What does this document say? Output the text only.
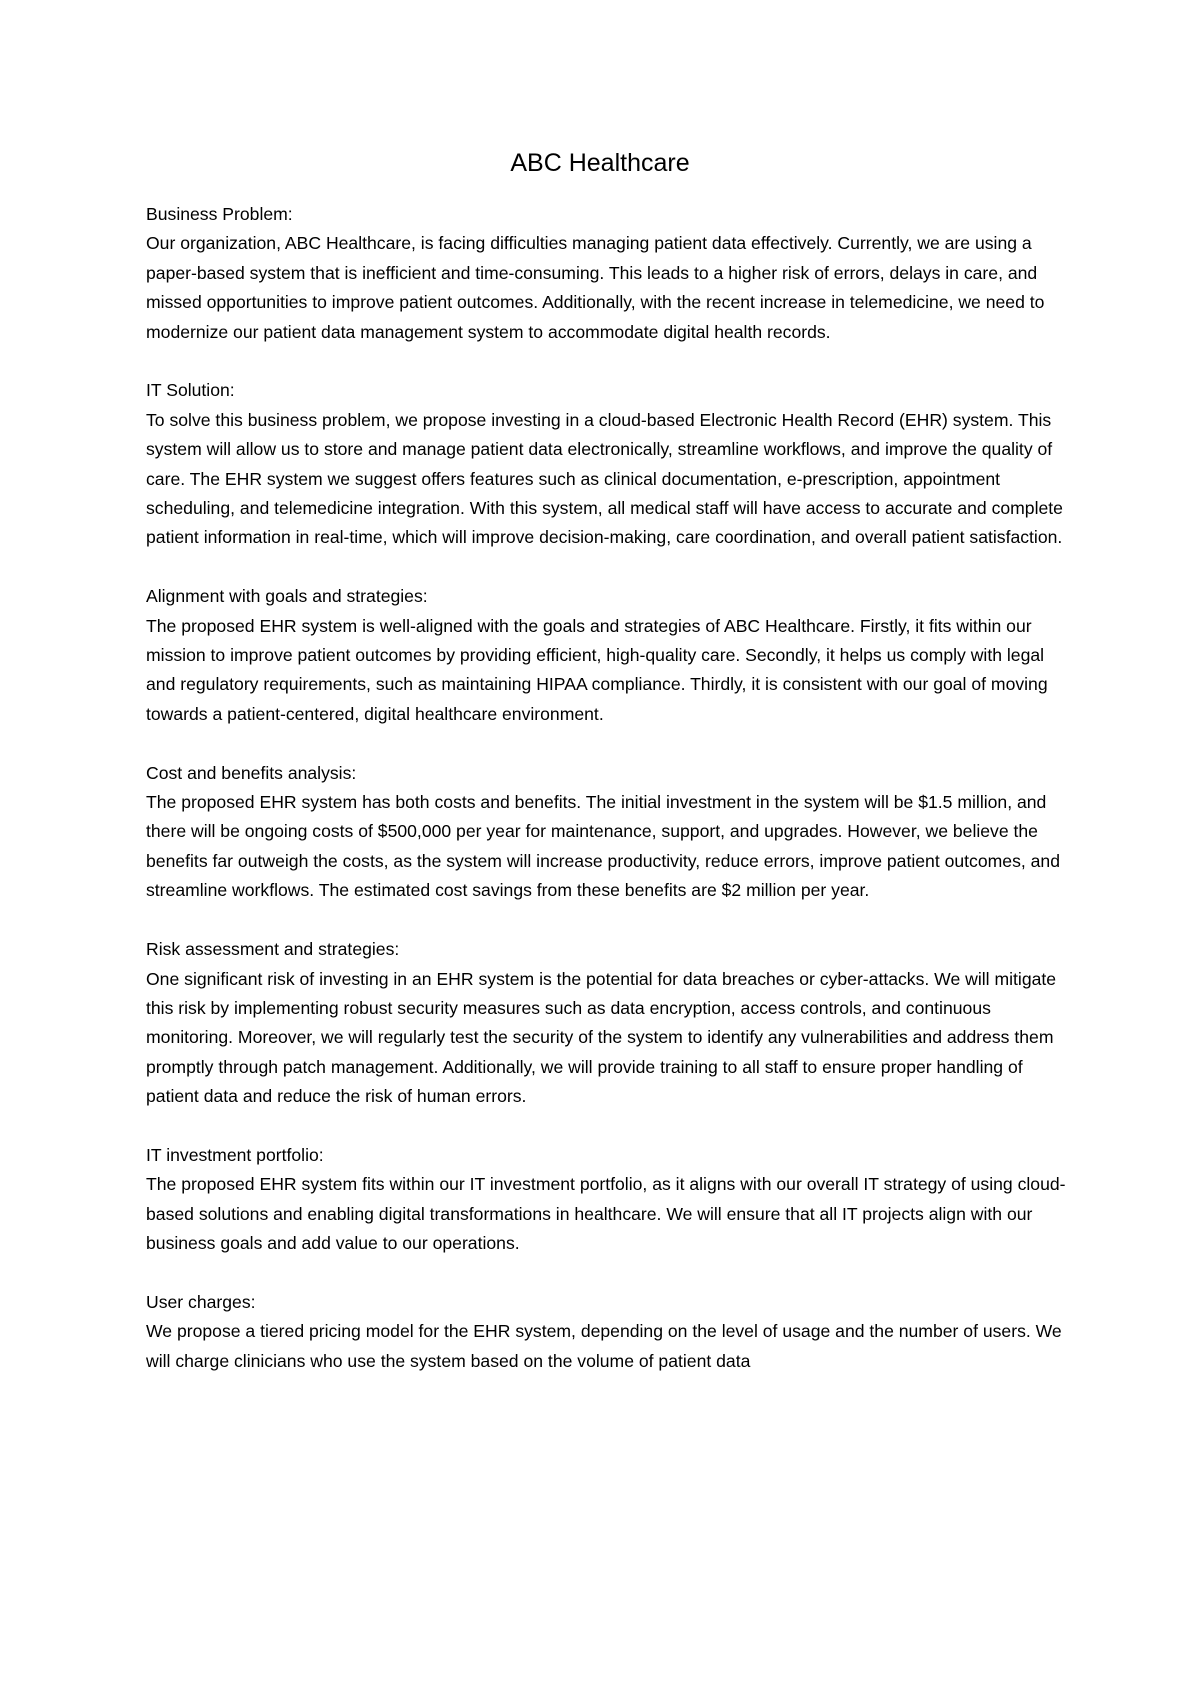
ABC Healthcare
Business Problem:

Our organization, ABC Healthcare, is facing difficulties managing patient data effectively. Currently, we are using a paper-based system that is inefficient and time-consuming. This leads to a higher risk of errors, delays in care, and missed opportunities to improve patient outcomes. Additionally, with the recent increase in telemedicine, we need to modernize our patient data management system to accommodate digital health records.

IT Solution:

To solve this business problem, we propose investing in a cloud-based Electronic Health Record (EHR) system. This system will allow us to store and manage patient data electronically, streamline workflows, and improve the quality of care. The EHR system we suggest offers features such as clinical documentation, e-prescription, appointment scheduling, and telemedicine integration. With this system, all medical staff will have access to accurate and complete patient information in real-time, which will improve decision-making, care coordination, and overall patient satisfaction.

Alignment with goals and strategies:

The proposed EHR system is well-aligned with the goals and strategies of ABC Healthcare. Firstly, it fits within our mission to improve patient outcomes by providing efficient, high-quality care. Secondly, it helps us comply with legal and regulatory requirements, such as maintaining HIPAA compliance. Thirdly, it is consistent with our goal of moving towards a patient-centered, digital healthcare environment.

Cost and benefits analysis:

The proposed EHR system has both costs and benefits. The initial investment in the system will be $1.5 million, and there will be ongoing costs of $500,000 per year for maintenance, support, and upgrades. However, we believe the benefits far outweigh the costs, as the system will increase productivity, reduce errors, improve patient outcomes, and streamline workflows. The estimated cost savings from these benefits are $2 million per year.

Risk assessment and strategies:

One significant risk of investing in an EHR system is the potential for data breaches or cyber-attacks. We will mitigate this risk by implementing robust security measures such as data encryption, access controls, and continuous monitoring. Moreover, we will regularly test the security of the system to identify any vulnerabilities and address them promptly through patch management. Additionally, we will provide training to all staff to ensure proper handling of patient data and reduce the risk of human errors.

IT investment portfolio:

The proposed EHR system fits within our IT investment portfolio, as it aligns with our overall IT strategy of using cloud-based solutions and enabling digital transformations in healthcare. We will ensure that all IT projects align with our business goals and add value to our operations.

User charges:

We propose a tiered pricing model for the EHR system, depending on the level of usage and the number of users. We will charge clinicians who use the system based on the volume of patient data
